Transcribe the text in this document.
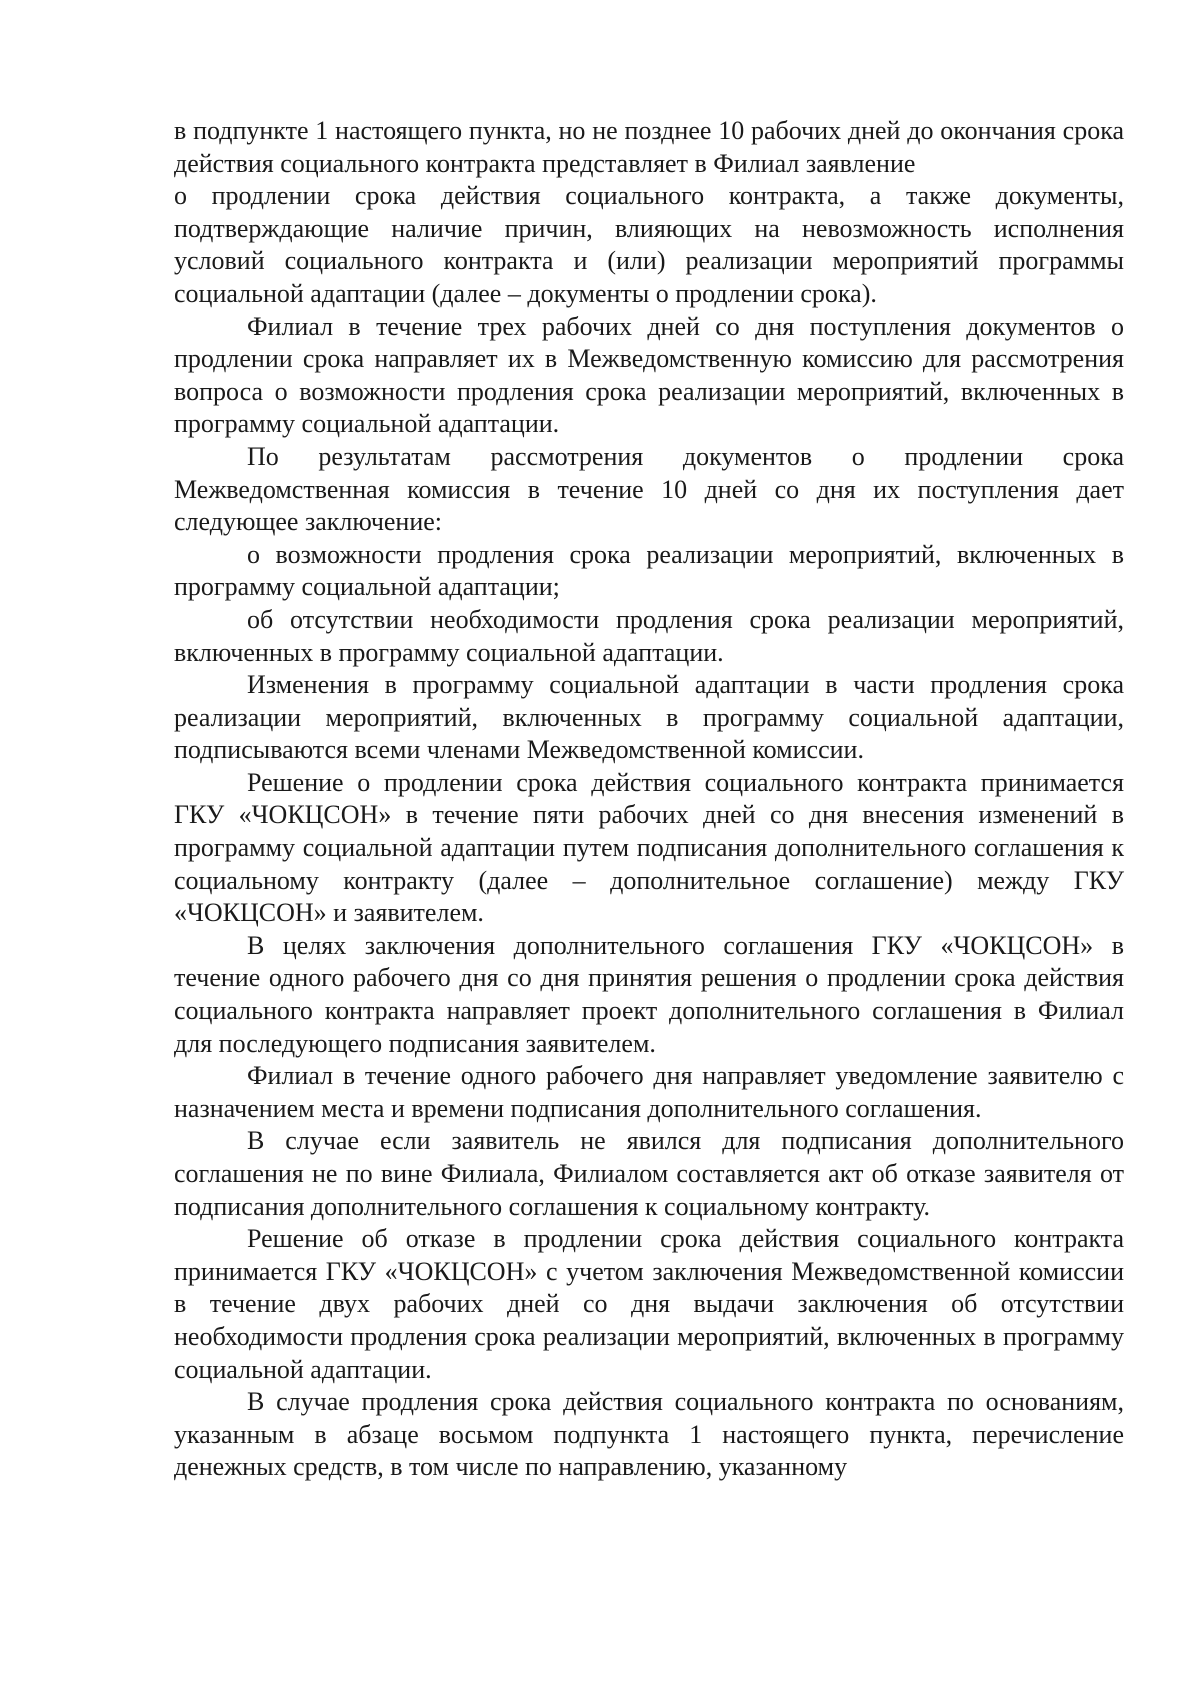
в подпункте 1 настоящего пункта, но не позднее 10 рабочих дней до окончания срока действия социального контракта представляет в Филиал заявление

о продлении срока действия социального контракта, а также документы, подтверждающие наличие причин, влияющих на невозможность исполнения условий социального контракта и (или) реализации мероприятий программы социальной адаптации (далее – документы о продлении срока).

Филиал в течение трех рабочих дней со дня поступления документов о продлении срока направляет их в Межведомственную комиссию для рассмотрения вопроса о возможности продления срока реализации мероприятий, включенных в программу социальной адаптации.

По результатам рассмотрения документов о продлении срока Межведомственная комиссия в течение 10 дней со дня их поступления дает следующее заключение:

о возможности продления срока реализации мероприятий, включенных в программу социальной адаптации;

об отсутствии необходимости продления срока реализации мероприятий, включенных в программу социальной адаптации.

Изменения в программу социальной адаптации в части продления срока реализации мероприятий, включенных в программу социальной адаптации, подписываются всеми членами Межведомственной комиссии.

Решение о продлении срока действия социального контракта принимается ГКУ «ЧОКЦСОН» в течение пяти рабочих дней со дня внесения изменений в программу социальной адаптации путем подписания дополнительного соглашения к социальному контракту (далее – дополнительное соглашение) между ГКУ «ЧОКЦСОН» и заявителем.

В целях заключения дополнительного соглашения ГКУ «ЧОКЦСОН» в течение одного рабочего дня со дня принятия решения о продлении срока действия социального контракта направляет проект дополнительного соглашения в Филиал для последующего подписания заявителем.

Филиал в течение одного рабочего дня направляет уведомление заявителю с назначением места и времени подписания дополнительного соглашения.

В случае если заявитель не явился для подписания дополнительного соглашения не по вине Филиала, Филиалом составляется акт об отказе заявителя от подписания дополнительного соглашения к социальному контракту.

Решение об отказе в продлении срока действия социального контракта принимается ГКУ «ЧОКЦСОН» с учетом заключения Межведомственной комиссии в течение двух рабочих дней со дня выдачи заключения об отсутствии необходимости продления срока реализации мероприятий, включенных в программу социальной адаптации.

В случае продления срока действия социального контракта по основаниям, указанным в абзаце восьмом подпункта 1 настоящего пункта, перечисление денежных средств, в том числе по направлению, указанному
